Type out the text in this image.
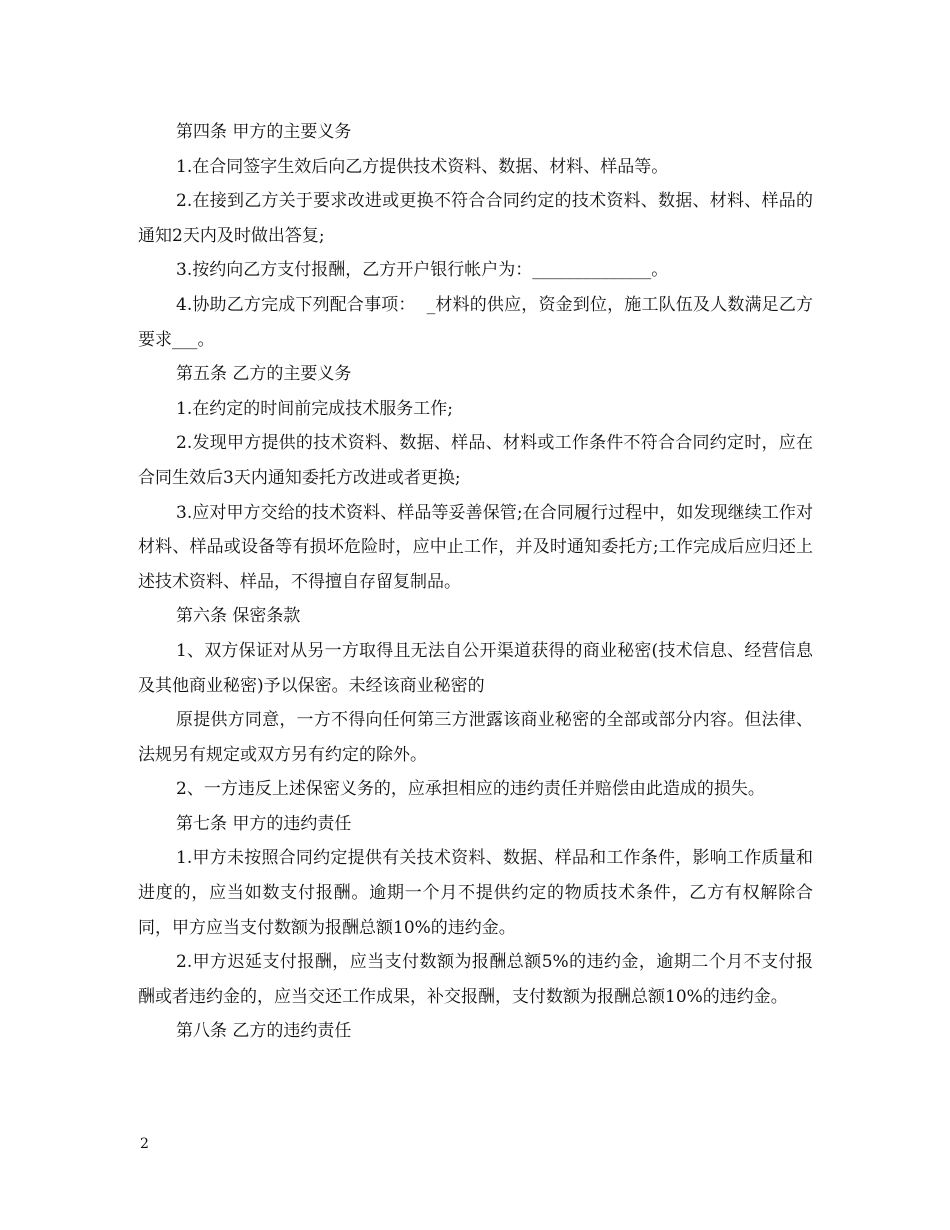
第四条 甲方的主要义务

1.在合同签字生效后向乙方提供技术资料、数据、材料、样品等。

2.在接到乙方关于要求改进或更换不符合合同约定的技术资料、数据、材料、样品的通知2天内及时做出答复;

3.按约向乙方支付报酬，乙方开户银行帐户为：______________。

4.协助乙方完成下列配合事项：  _材料的供应，资金到位，施工队伍及人数满足乙方要求___。

第五条 乙方的主要义务

1.在约定的时间前完成技术服务工作;

2.发现甲方提供的技术资料、数据、样品、材料或工作条件不符合合同约定时，应在合同生效后3天内通知委托方改进或者更换;

3.应对甲方交给的技术资料、样品等妥善保管;在合同履行过程中，如发现继续工作对材料、样品或设备等有损坏危险时，应中止工作，并及时通知委托方;工作完成后应归还上述技术资料、样品，不得擅自存留复制品。

第六条 保密条款

1、双方保证对从另一方取得且无法自公开渠道获得的商业秘密(技术信息、经营信息及其他商业秘密)予以保密。未经该商业秘密的

原提供方同意，一方不得向任何第三方泄露该商业秘密的全部或部分内容。但法律、法规另有规定或双方另有约定的除外。

2、一方违反上述保密义务的，应承担相应的违约责任并赔偿由此造成的损失。

第七条 甲方的违约责任

1.甲方未按照合同约定提供有关技术资料、数据、样品和工作条件，影响工作质量和进度的，应当如数支付报酬。逾期一个月不提供约定的物质技术条件，乙方有权解除合同，甲方应当支付数额为报酬总额10%的违约金。

2.甲方迟延支付报酬，应当支付数额为报酬总额5%的违约金，逾期二个月不支付报酬或者违约金的，应当交还工作成果，补交报酬，支付数额为报酬总额10%的违约金。

第八条 乙方的违约责任

2
